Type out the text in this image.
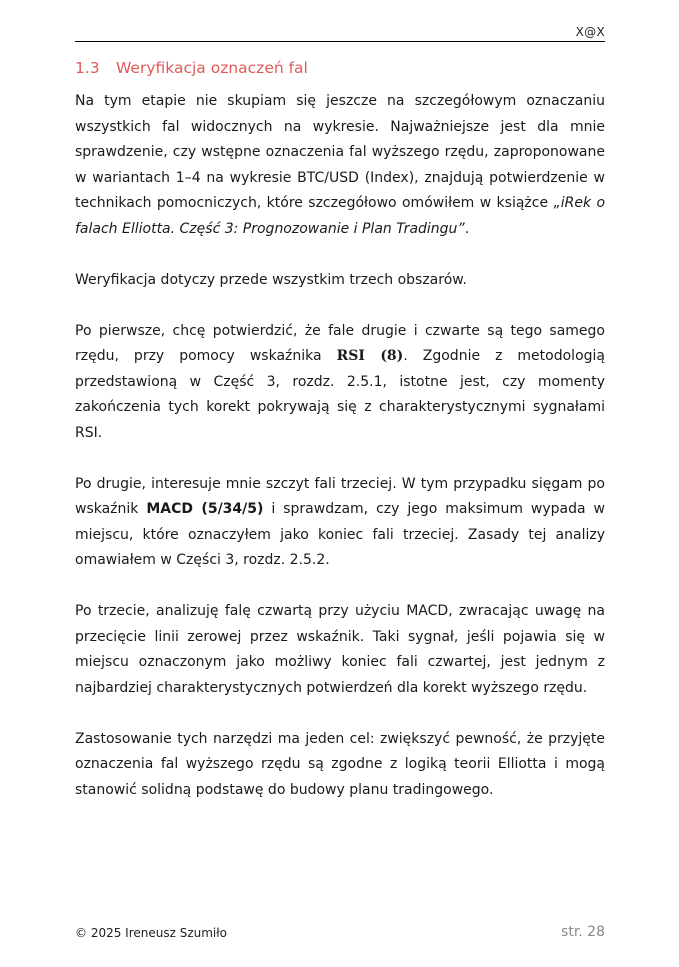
X@X
1.3 Weryfikacja oznaczeń fal

Na tym etapie nie skupiam się jeszcze na szczegółowym oznaczaniu wszystkich fal widocznych na wykresie. Najważniejsze jest dla mnie sprawdzenie, czy wstępne oznaczenia fal wyższego rzędu, zaproponowane w wariantach 1–4 na wykresie BTC/USD (Index), znajdują potwierdzenie w technikach pomocniczych, które szczegółowo omówiłem w książce „iRek o falach Elliotta. Część 3: Prognozowanie i Plan Tradingu”.

Weryfikacja dotyczy przede wszystkim trzech obszarów.

Po pierwsze, chcę potwierdzić, że fale drugie i czwarte są tego samego rzędu, przy pomocy wskaźnika RSI (8). Zgodnie z metodologią przedstawioną w Część 3, rozdz. 2.5.1, istotne jest, czy momenty zakończenia tych korekt pokrywają się z charakterystycznymi sygnałami RSI.

Po drugie, interesuje mnie szczyt fali trzeciej. W tym przypadku sięgam po wskaźnik MACD (5/34/5) i sprawdzam, czy jego maksimum wypada w miejscu, które oznaczyłem jako koniec fali trzeciej. Zasady tej analizy omawiałem w Części 3, rozdz. 2.5.2.

Po trzecie, analizuję falę czwartą przy użyciu MACD, zwracając uwagę na przecięcie linii zerowej przez wskaźnik. Taki sygnał, jeśli pojawia się w miejscu oznaczonym jako możliwy koniec fali czwartej, jest jednym z najbardziej charakterystycznych potwierdzeń dla korekt wyższego rzędu.

Zastosowanie tych narzędzi ma jeden cel: zwiększyć pewność, że przyjęte oznaczenia fal wyższego rzędu są zgodne z logiką teorii Elliotta i mogą stanowić solidną podstawę do budowy planu tradingowego.

© 2025 Ireneusz Szumiło	str. 28
